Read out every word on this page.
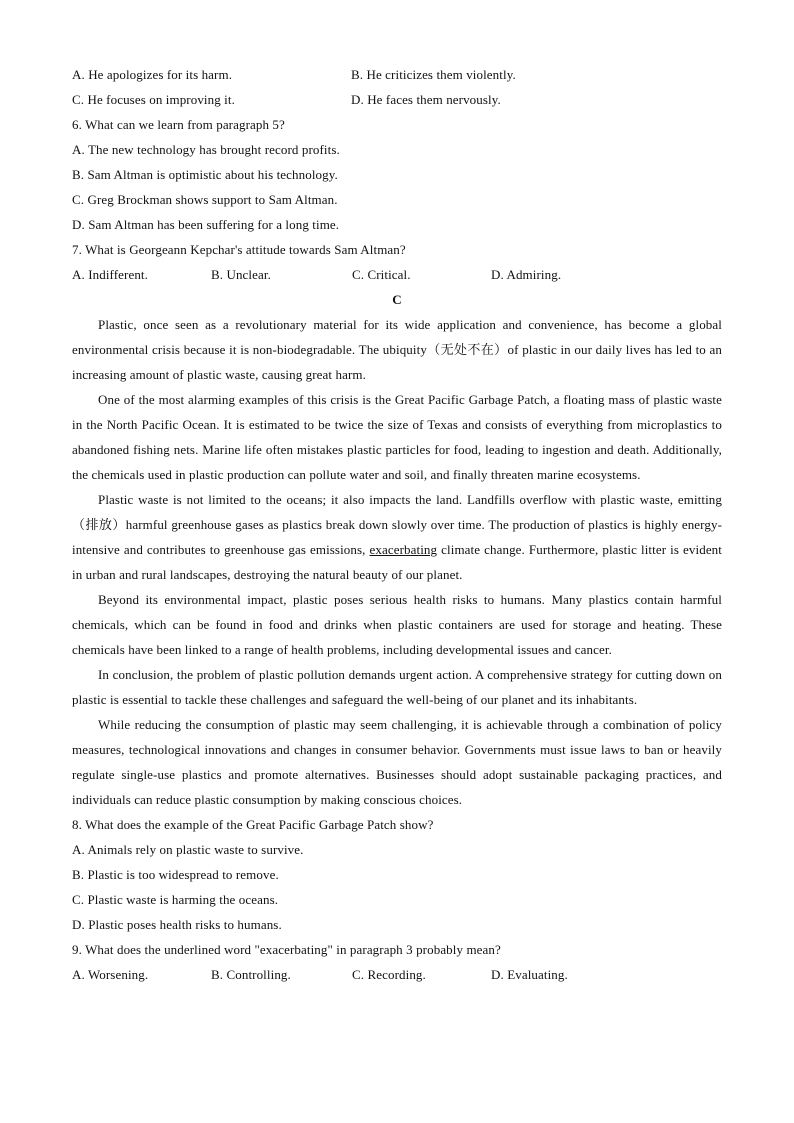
A. He apologizes for its harm.	B. He criticizes them violently.
C. He focuses on improving it.	D. He faces them nervously.
6. What can we learn from paragraph 5?
A. The new technology has brought record profits.
B. Sam Altman is optimistic about his technology.
C. Greg Brockman shows support to Sam Altman.
D. Sam Altman has been suffering for a long time.
7. What is Georgeann Kepchar's attitude towards Sam Altman?
A. Indifferent.	B. Unclear.	C. Critical.	D. Admiring.
C

Plastic, once seen as a revolutionary material for its wide application and convenience, has become a global environmental crisis because it is non-biodegradable. The ubiquity（无处不在）of plastic in our daily lives has led to an increasing amount of plastic waste, causing great harm.

One of the most alarming examples of this crisis is the Great Pacific Garbage Patch, a floating mass of plastic waste in the North Pacific Ocean. It is estimated to be twice the size of Texas and consists of everything from microplastics to abandoned fishing nets. Marine life often mistakes plastic particles for food, leading to ingestion and death. Additionally, the chemicals used in plastic production can pollute water and soil, and finally threaten marine ecosystems.

Plastic waste is not limited to the oceans; it also impacts the land. Landfills overflow with plastic waste, emitting （排放）harmful greenhouse gases as plastics break down slowly over time. The production of plastics is highly energy-intensive and contributes to greenhouse gas emissions, exacerbating climate change. Furthermore, plastic litter is evident in urban and rural landscapes, destroying the natural beauty of our planet.

Beyond its environmental impact, plastic poses serious health risks to humans. Many plastics contain harmful chemicals, which can be found in food and drinks when plastic containers are used for storage and heating. These chemicals have been linked to a range of health problems, including developmental issues and cancer.

In conclusion, the problem of plastic pollution demands urgent action. A comprehensive strategy for cutting down on plastic is essential to tackle these challenges and safeguard the well-being of our planet and its inhabitants.

While reducing the consumption of plastic may seem challenging, it is achievable through a combination of policy measures, technological innovations and changes in consumer behavior. Governments must issue laws to ban or heavily regulate single-use plastics and promote alternatives. Businesses should adopt sustainable packaging practices, and individuals can reduce plastic consumption by making conscious choices.

8. What does the example of the Great Pacific Garbage Patch show?
A. Animals rely on plastic waste to survive.
B. Plastic is too widespread to remove.
C. Plastic waste is harming the oceans.
D. Plastic poses health risks to humans.
9. What does the underlined word "exacerbating" in paragraph 3 probably mean?
A. Worsening.	B. Controlling.	C. Recording.	D. Evaluating.
